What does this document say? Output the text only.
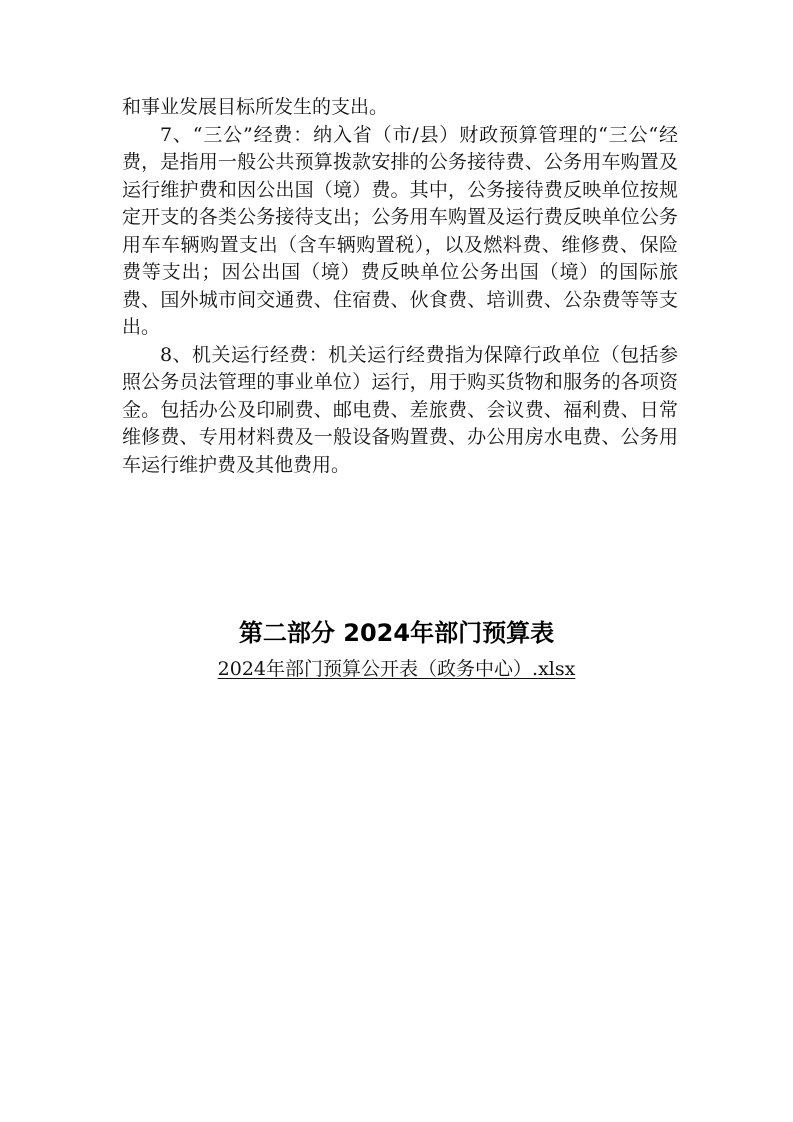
和事业发展目标所发生的支出。

7、“三公”经费：纳入省（市/县）财政预算管理的“三公“经费，是指用一般公共预算拨款安排的公务接待费、公务用车购置及运行维护费和因公出国（境）费。其中，公务接待费反映单位按规定开支的各类公务接待支出；公务用车购置及运行费反映单位公务用车车辆购置支出（含车辆购置税），以及燃料费、维修费、保险费等支出；因公出国（境）费反映单位公务出国（境）的国际旅费、国外城市间交通费、住宿费、伙食费、培训费、公杂费等等支出。

8、机关运行经费：机关运行经费指为保障行政单位（包括参照公务员法管理的事业单位）运行，用于购买货物和服务的各项资金。包括办公及印刷费、邮电费、差旅费、会议费、福利费、日常维修费、专用材料费及一般设备购置费、办公用房水电费、公务用车运行维护费及其他费用。

第二部分 2024年部门预算表
2024年部门预算公开表（政务中心）.xlsx
